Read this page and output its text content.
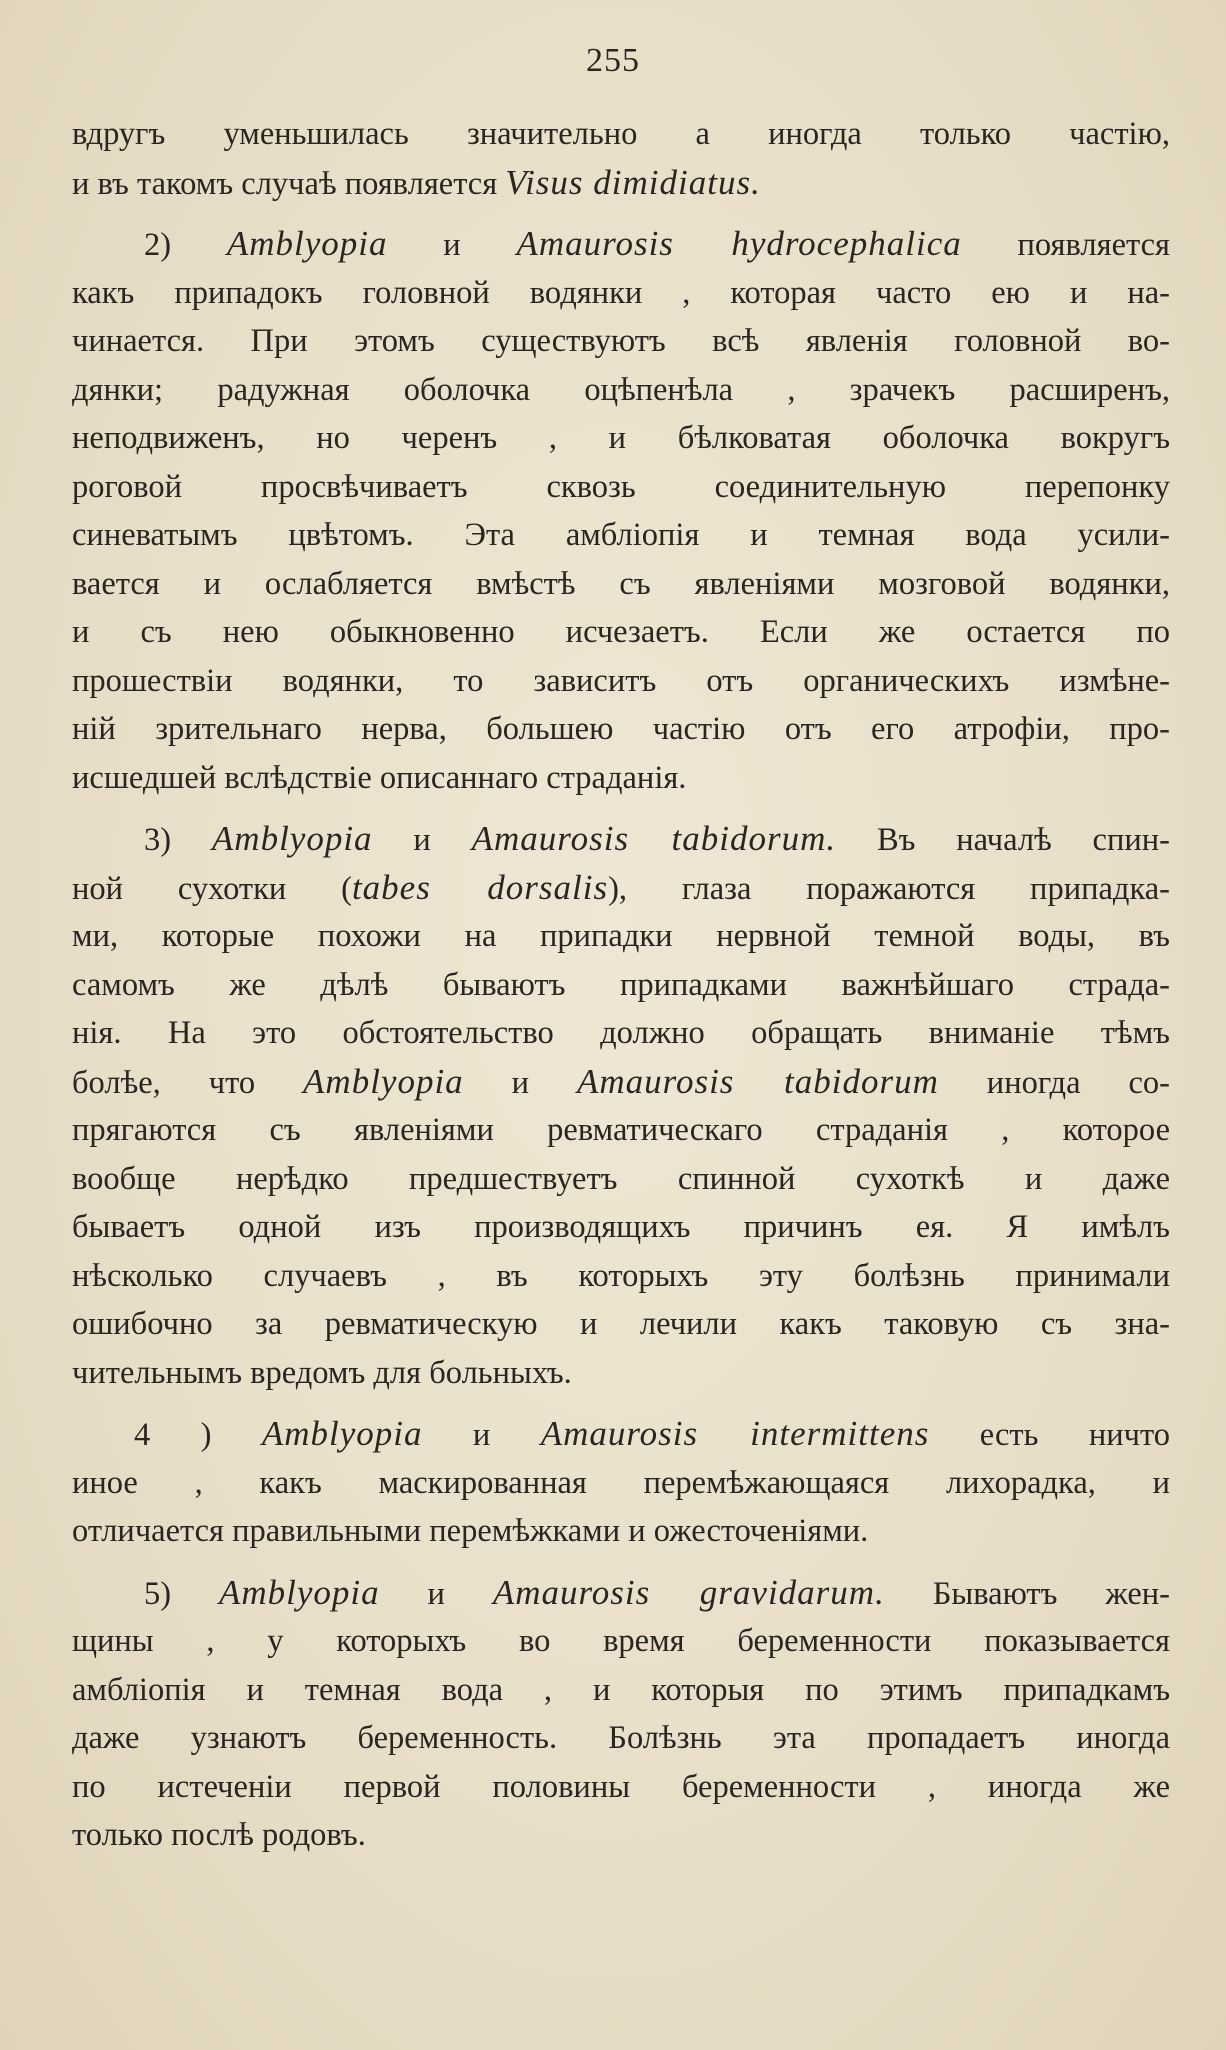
255
вдругъ уменьшилась значительно а иногда только частію,
и въ такомъ случаѣ появляется Visus dimidiatus.
2) Amblyopia и Amaurosis hydrocephalica появляется
какъ припадокъ головной водянки , которая часто ею и на-
чинается. При этомъ существуютъ всѣ явленія головной во-
дянки; радужная оболочка оцѣпенѣла , зрачекъ расширенъ,
неподвиженъ, но черенъ , и бѣлковатая оболочка вокругъ
роговой просвѣчиваетъ сквозь соединительную перепонку
синеватымъ цвѣтомъ. Эта амбліопія и темная вода усили-
вается и ослабляется вмѣстѣ съ явленіями мозговой водянки,
и съ нею обыкновенно исчезаетъ. Если же остается по
прошествіи водянки, то зависитъ отъ органическихъ измѣне-
ній зрительнаго нерва, большею частію отъ его атрофіи, про-
исшедшей вслѣдствіе описаннаго страданія.
3) Amblyopia и Amaurosis tabidorum. Въ началѣ спин-
ной сухотки (tabes dorsalis), глаза поражаются припадка-
ми, которые похожи на припадки нервной темной воды, въ
самомъ же дѣлѣ бываютъ припадками важнѣйшаго страда-
нія. На это обстоятельство должно обращать вниманіе тѣмъ
болѣе, что Amblyopia и Amaurosis tabidorum иногда со-
прягаются съ явленіями ревматическаго страданія , которое
вообще нерѣдко предшествуетъ спинной сухоткѣ и даже
бываетъ одной изъ производящихъ причинъ ея. Я имѣлъ
нѣсколько случаевъ , въ которыхъ эту болѣзнь принимали
ошибочно за ревматическую и лечили какъ таковую съ зна-
чительнымъ вредомъ для больныхъ.
4 ) Amblyopia и Amaurosis intermittens есть ничто
иное , какъ маскированная перемѣжающаяся лихорадка, и
отличается правильными перемѣжками и ожесточеніями.
5) Amblyopia и Amaurosis gravidarum. Бываютъ жен-
щины , у которыхъ во время беременности показывается
амбліопія и темная вода , и которыя по этимъ припадкамъ
даже узнаютъ беременность. Болѣзнь эта пропадаетъ иногда
по истеченіи первой половины беременности , иногда же
только послѣ родовъ.
